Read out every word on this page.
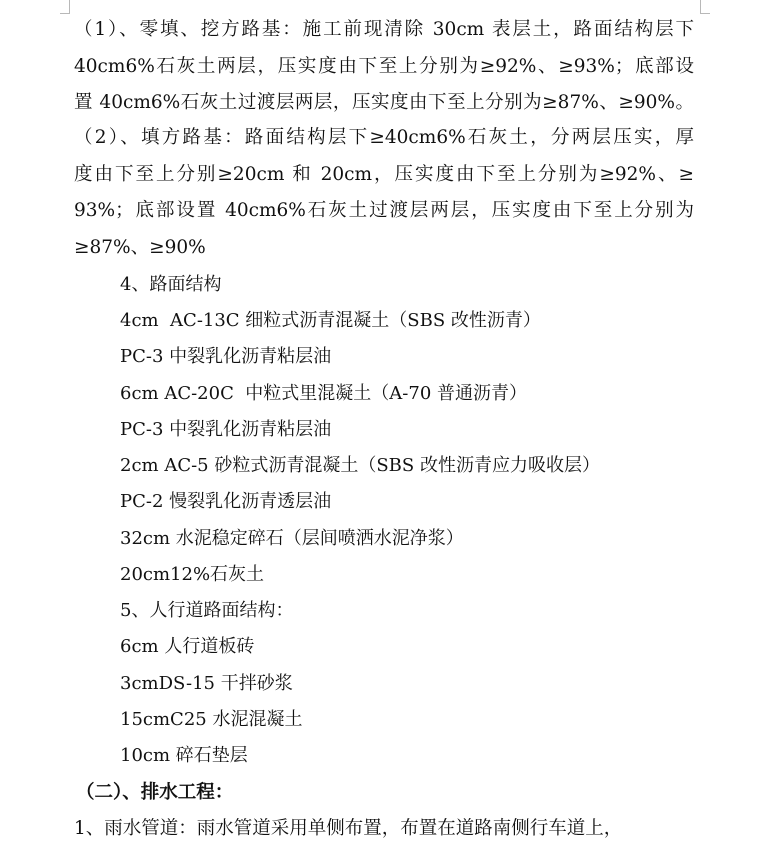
（1）、零填、挖方路基：施工前现清除 30cm 表层土，路面结构层下
40cm6%石灰土两层，压实度由下至上分别为≥92%、≥93%；底部设
置 40cm6%石灰土过渡层两层，压实度由下至上分别为≥87%、≥90%。
（2）、填方路基：路面结构层下≥40cm6%石灰土，分两层压实，厚
度由下至上分别≥20cm 和 20cm，压实度由下至上分别为≥92%、≥
93%；底部设置 40cm6%石灰土过渡层两层，压实度由下至上分别为
≥87%、≥90%

4、路面结构

4cm  AC-13C 细粒式沥青混凝土（SBS 改性沥青）

PC-3 中裂乳化沥青粘层油

6cm AC-20C  中粒式里混凝土（A-70 普通沥青）

PC-3 中裂乳化沥青粘层油

2cm AC-5 砂粒式沥青混凝土（SBS 改性沥青应力吸收层）

PC-2 慢裂乳化沥青透层油

32cm 水泥稳定碎石（层间喷洒水泥净浆）

20cm12%石灰土

5、人行道路面结构：

6cm 人行道板砖

3cmDS-15 干拌砂浆

15cmC25 水泥混凝土

10cm 碎石垫层

（二）、排水工程：

1、雨水管道：雨水管道采用单侧布置，布置在道路南侧行车道上，
